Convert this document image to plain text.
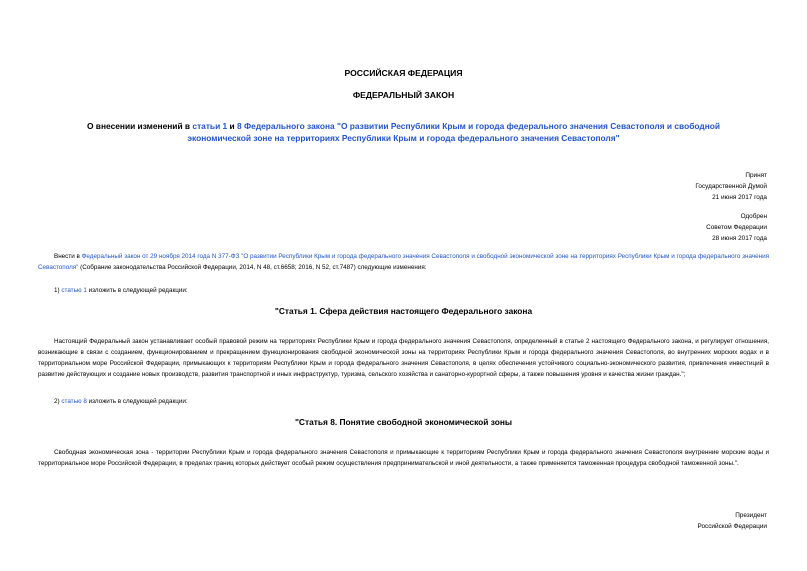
РОССИЙСКАЯ ФЕДЕРАЦИЯ
ФЕДЕРАЛЬНЫЙ ЗАКОН
О внесении изменений в статьи 1 и 8 Федерального закона "О развитии Республики Крым и города федерального значения Севастополя и свободной экономической зоне на территориях Республики Крым и города федерального значения Севастополя"
Принят
Государственной Думой
21 июня 2017 года
Одобрен
Советом Федерации
28 июня 2017 года
Внести в Федеральный закон от 29 ноября 2014 года N 377-ФЗ "О развитии Республики Крым и города федерального значения Севастополя и свободной экономической зоне на территориях Республики Крым и города федерального значения Севастополя" (Собрание законодательства Российской Федерации, 2014, N 48, ст.6658; 2016, N 52, ст.7487) следующие изменения:
1) статью 1 изложить в следующей редакции:
"Статья 1. Сфера действия настоящего Федерального закона
Настоящий Федеральный закон устанавливает особый правовой режим на территориях Республики Крым и города федерального значения Севастополя, определенный в статье 2 настоящего Федерального закона, и регулирует отношения, возникающие в связи с созданием, функционированием и прекращением функционирования свободной экономической зоны на территориях Республики Крым и города федерального значения Севастополя, во внутренних морских водах и в территориальном море Российской Федерации, примыкающих к территориям Республики Крым и города федерального значения Севастополя, в целях обеспечения устойчивого социально-экономического развития, привлечения инвестиций в развитие действующих и создание новых производств, развития транспортной и иных инфраструктур, туризма, сельского хозяйства и санаторно-курортной сферы, а также повышения уровня и качества жизни граждан.";
2) статью 8 изложить в следующей редакции:
"Статья 8. Понятие свободной экономической зоны
Свободная экономическая зона - территории Республики Крым и города федерального значения Севастополя и примыкающие к территориям Республики Крым и города федерального значения Севастополя внутренние морские воды и территориальное море Российской Федерации, в пределах границ которых действует особый режим осуществления предпринимательской и иной деятельности, а также применяется таможенная процедура свободной таможенной зоны.".
Президент
Российской Федерации
